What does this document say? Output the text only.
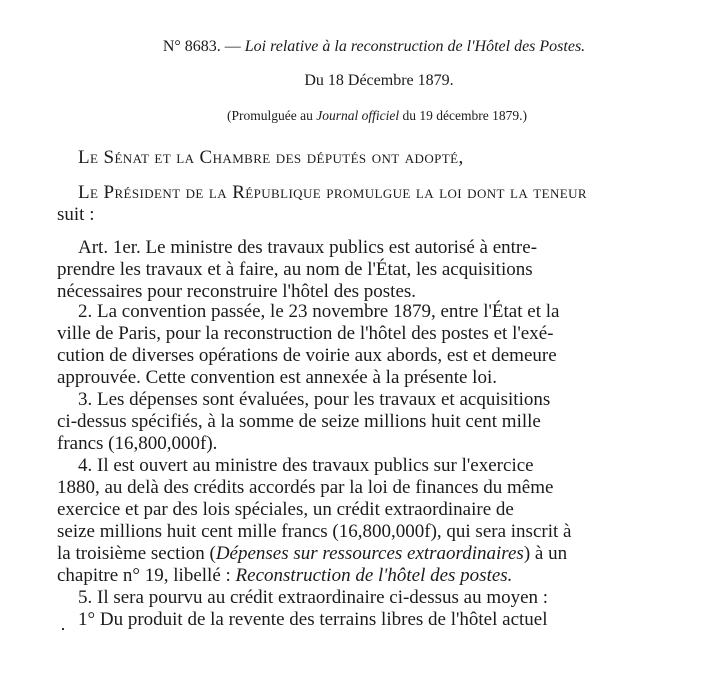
N° 8683. — Loi relative à la reconstruction de l'Hôtel des Postes.
Du 18 Décembre 1879.
(Promulguée au Journal officiel du 19 décembre 1879.)
Le Sénat et la Chambre des députés ont adopté,
Le Président de la République promulgue la loi dont la teneur
suit :
Art. 1er. Le ministre des travaux publics est autorisé à entre-
prendre les travaux et à faire, au nom de l'État, les acquisitions
nécessaires pour reconstruire l'hôtel des postes.
2. La convention passée, le 23 novembre 1879, entre l'État et la
ville de Paris, pour la reconstruction de l'hôtel des postes et l'exé-
cution de diverses opérations de voirie aux abords, est et demeure
approuvée. Cette convention est annexée à la présente loi.
3. Les dépenses sont évaluées, pour les travaux et acquisitions
ci-dessus spécifiés, à la somme de seize millions huit cent mille
francs (16,800,000f).
4. Il est ouvert au ministre des travaux publics sur l'exercice
1880, au delà des crédits accordés par la loi de finances du même
exercice et par des lois spéciales, un crédit extraordinaire de
seize millions huit cent mille francs (16,800,000f), qui sera inscrit à
la troisième section (Dépenses sur ressources extraordinaires) à un
chapitre n° 19, libellé : Reconstruction de l'hôtel des postes.
5. Il sera pourvu au crédit extraordinaire ci-dessus au moyen :
1° Du produit de la revente des terrains libres de l'hôtel actuel
